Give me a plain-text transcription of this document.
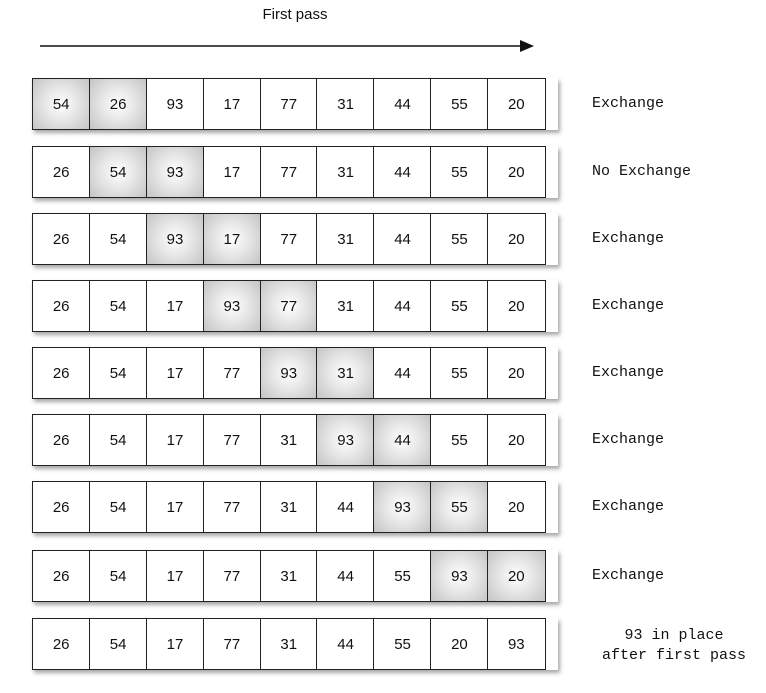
First pass
54	26	93	17	77	31	44	55	20	Exchange
26	54	93	17	77	31	44	55	20	No Exchange
26	54	93	17	77	31	44	55	20	Exchange
26	54	17	93	77	31	44	55	20	Exchange
26	54	17	77	93	31	44	55	20	Exchange
26	54	17	77	31	93	44	55	20	Exchange
26	54	17	77	31	44	93	55	20	Exchange
26	54	17	77	31	44	55	93	20	Exchange
26	54	17	77	31	44	55	20	93	93 in place
after first pass
